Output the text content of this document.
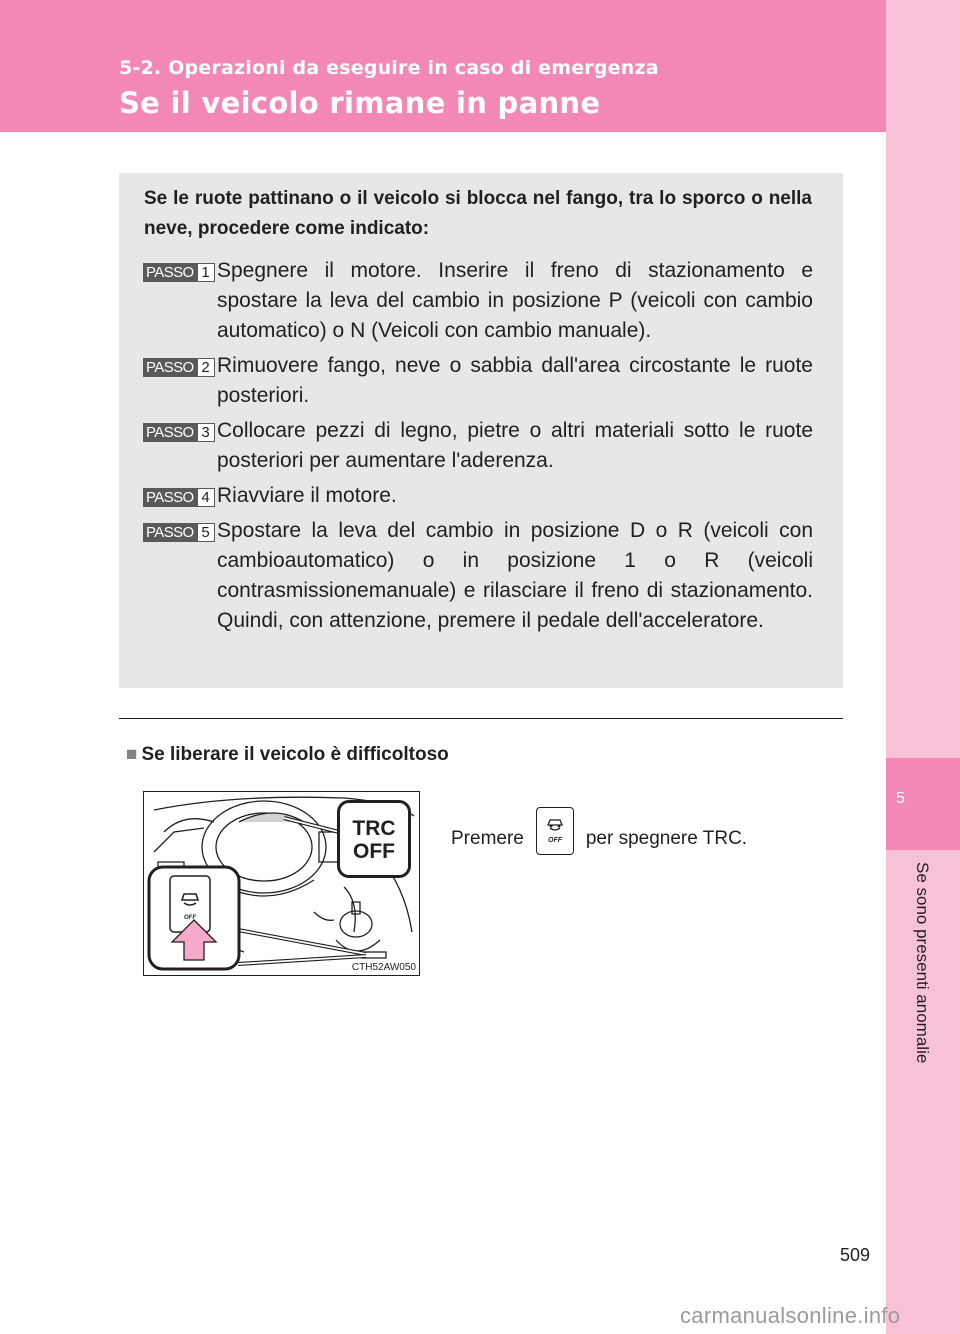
5-2. Operazioni da eseguire in caso di emergenza
Se il veicolo rimane in panne
5
Se sono presenti anomalie
Se le ruote pattinano o il veicolo si blocca nel fango, tra lo sporco o nella neve, procedere come indicato:
PASSO 1 Spegnere il motore. Inserire il freno di stazionamento e spostare la leva del cambio in posizione P (veicoli con cambio automatico) o N (Veicoli con cambio manuale).
PASSO 2 Rimuovere fango, neve o sabbia dall'area circostante le ruote posteriori.
PASSO 3 Collocare pezzi di legno, pietre o altri materiali sotto le ruote posteriori per aumentare l'aderenza.
PASSO 4 Riavviare il motore.
PASSO 5 Spostare la leva del cambio in posizione D o R (veicoli con cambioautomatico) o in posizione 1 o R (veicoli contrasmissionemanuale) e rilasciare il freno di stazionamento. Quindi, con attenzione, premere il pedale dell'acceleratore.
■ Se liberare il veicolo è difficoltoso
OFF
CTH52AW050
TRC
OFF
Premere	OFF per spegnere TRC.
509
carmanualsonline.info
